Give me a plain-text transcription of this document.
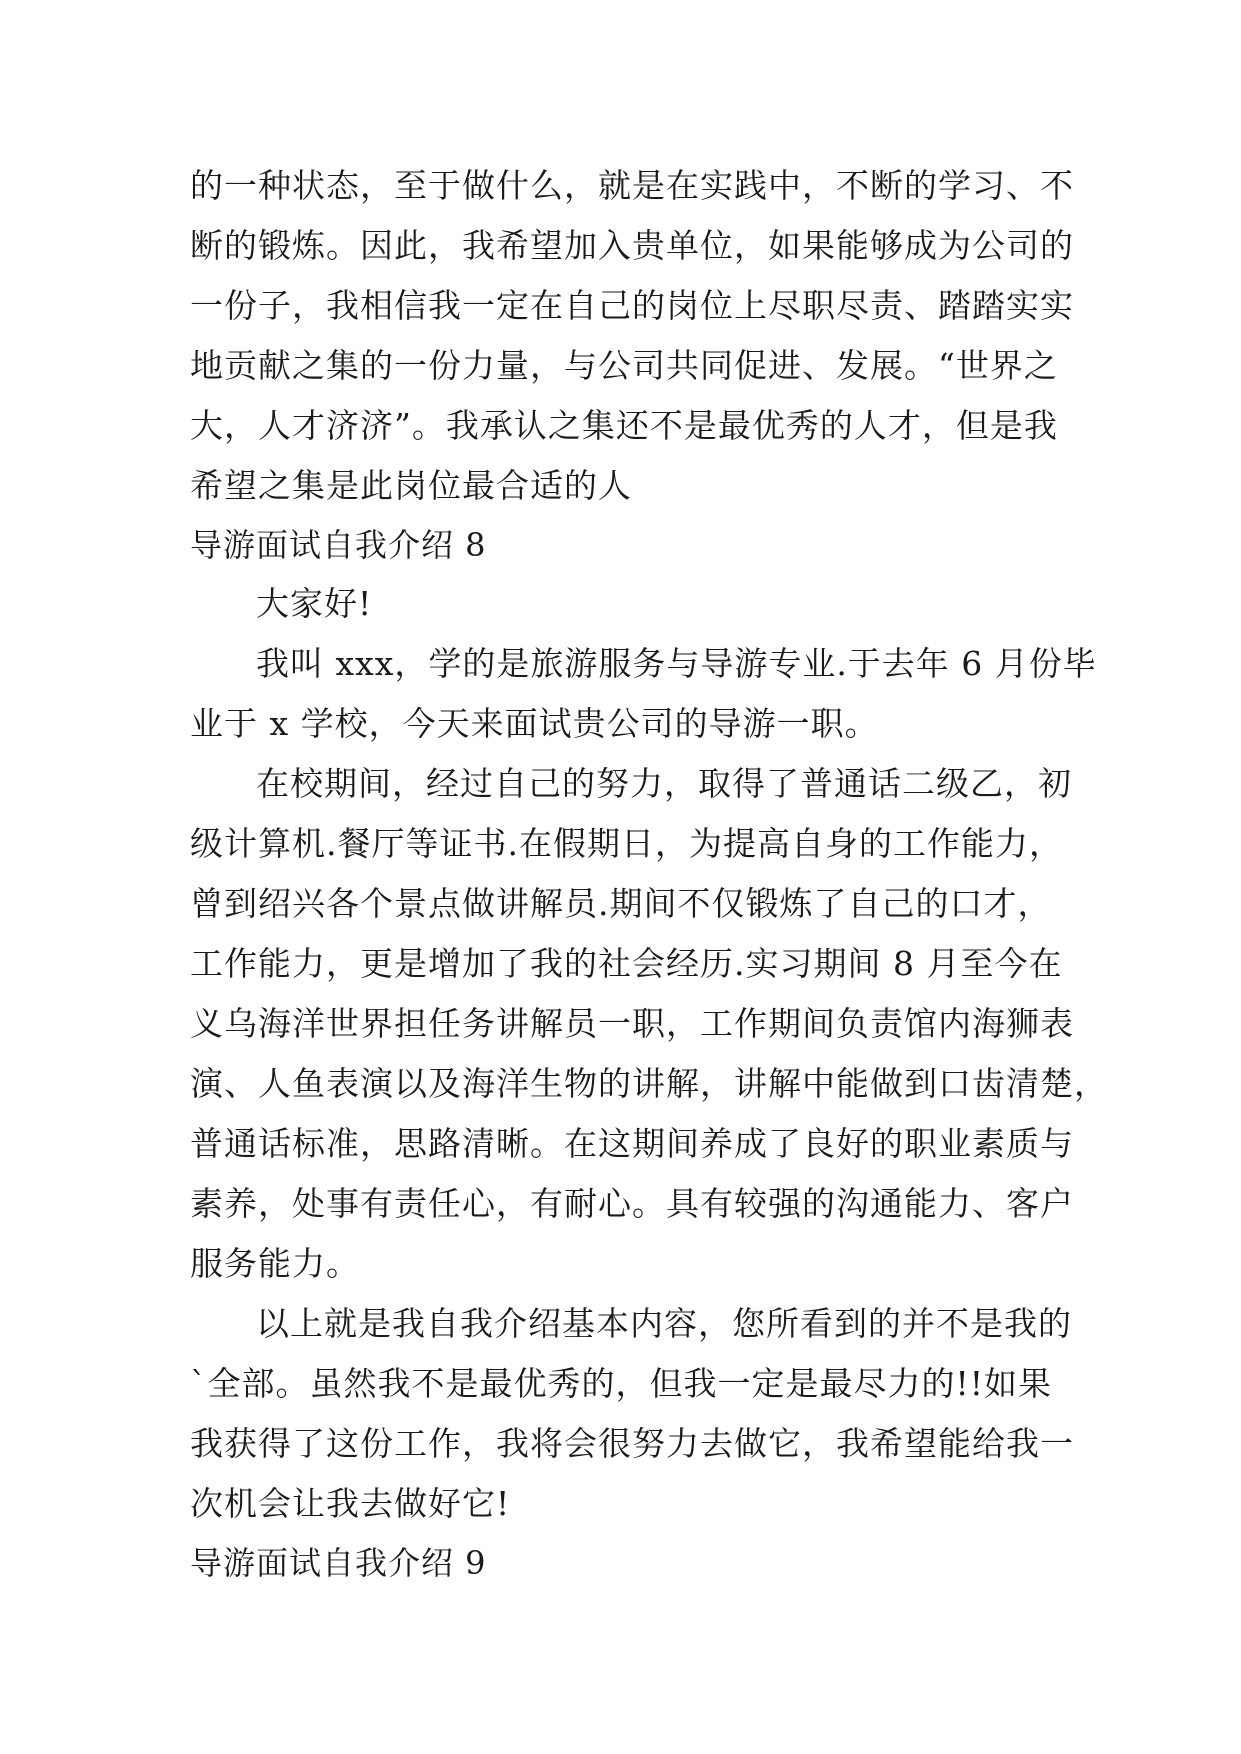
的一种状态，至于做什么，就是在实践中，不断的学习、不
断的锻炼。因此，我希望加入贵单位，如果能够成为公司的
一份子，我相信我一定在自己的岗位上尽职尽责、踏踏实实
地贡献之集的一份力量，与公司共同促进、发展。“世界之
大，人才济济”。我承认之集还不是最优秀的人才，但是我
希望之集是此岗位最合适的人
导游面试自我介绍 8
大家好!
我叫 xxx，学的是旅游服务与导游专业.于去年 6 月份毕
业于 x 学校，今天来面试贵公司的导游一职。
在校期间，经过自己的努力，取得了普通话二级乙，初
级计算机.餐厅等证书.在假期日，为提高自身的工作能力，
曾到绍兴各个景点做讲解员.期间不仅锻炼了自己的口才，
工作能力，更是增加了我的社会经历.实习期间 8 月至今在
义乌海洋世界担任务讲解员一职，工作期间负责馆内海狮表
演、人鱼表演以及海洋生物的讲解，讲解中能做到口齿清楚，
普通话标准，思路清晰。在这期间养成了良好的职业素质与
素养，处事有责任心，有耐心。具有较强的沟通能力、客户
服务能力。
以上就是我自我介绍基本内容，您所看到的并不是我的
`全部。虽然我不是最优秀的，但我一定是最尽力的!!如果
我获得了这份工作，我将会很努力去做它，我希望能给我一
次机会让我去做好它!
导游面试自我介绍 9
